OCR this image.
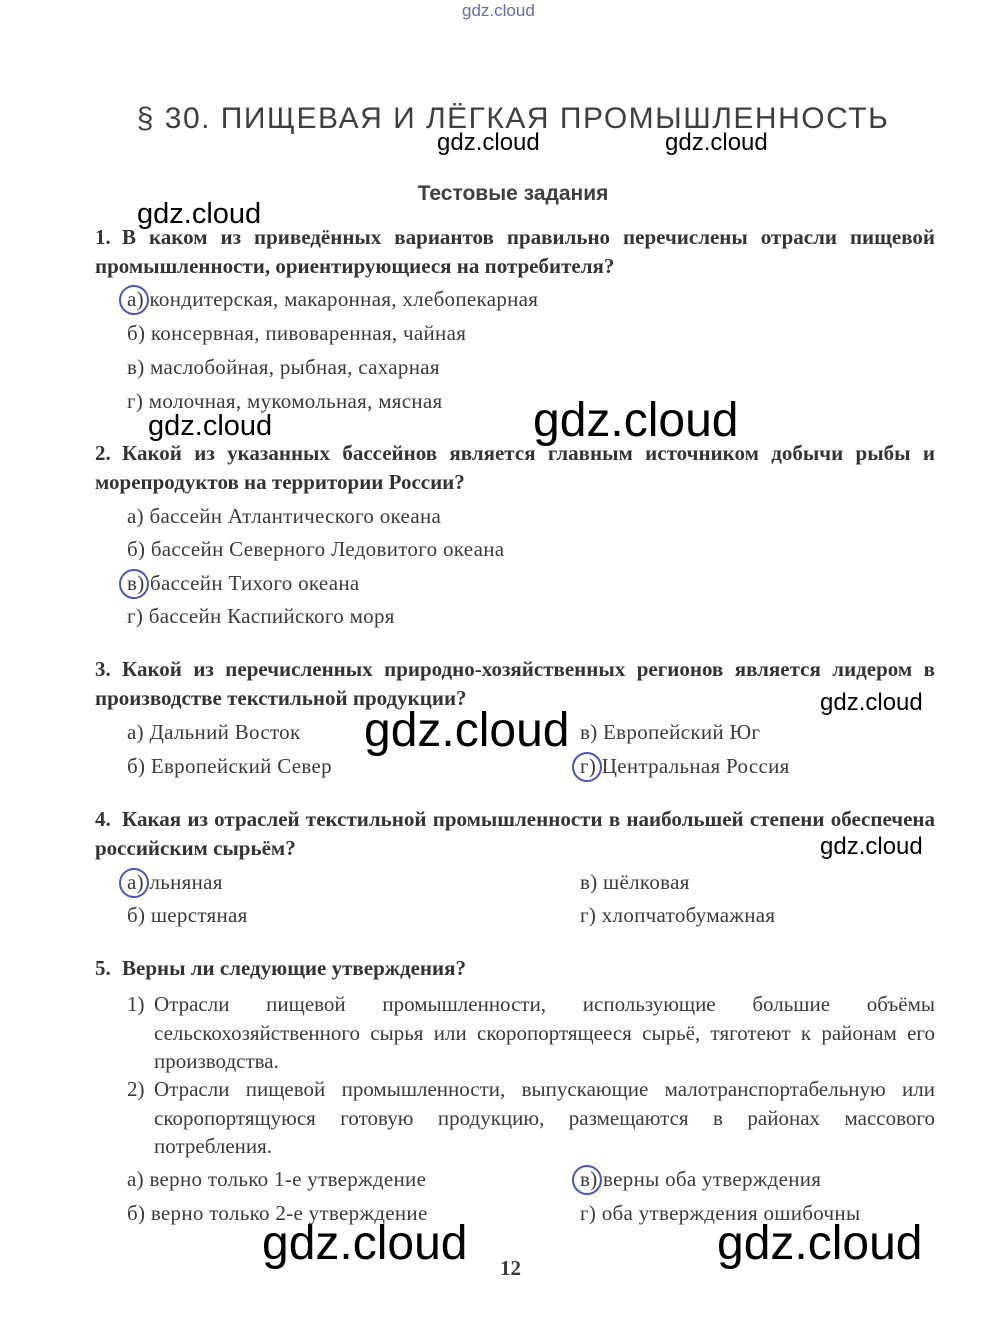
gdz.cloud
gdz.cloud	gdz.cloud
gdz.cloud
gdz.cloud	gdz.cloud
gdz.cloud
gdz.cloud
gdz.cloud
gdz.cloud	gdz.cloud
§ 30. ПИЩЕВАЯ И ЛЁГКАЯ ПРОМЫШЛЕННОСТЬ
Тестовые задания
1. В каком из приведённых вариантов правильно перечислены отрасли пищевой промышленности, ориентирующиеся на потребителя?
а) кондитерская, макаронная, хлебопекарная
б) консервная, пивоваренная, чайная
в) маслобойная, рыбная, сахарная
г) молочная, мукомольная, мясная
2. Какой из указанных бассейнов является главным источником добычи рыбы и морепродуктов на территории России?
а) бассейн Атлантического океана
б) бассейн Северного Ледовитого океана
в) бассейн Тихого океана
г) бассейн Каспийского моря
3. Какой из перечисленных природно-хозяйственных регионов является лидером в производстве текстильной продукции?
а) Дальний Восток
б) Европейский Север
в) Европейский Юг
г) Центральная Россия
4. Какая из отраслей текстильной промышленности в наибольшей степени обеспечена российским сырьём?
а) льняная
б) шерстяная
в) шёлковая
г) хлопчатобумажная
5. Верны ли следующие утверждения?
1) Отрасли пищевой промышленности, использующие большие объёмы сельскохозяйственного сырья или скоропортящееся сырьё, тяготеют к районам его производства.
2) Отрасли пищевой промышленности, выпускающие малотранспортабельную или скоропортящуюся готовую продукцию, размещаются в районах массового потребления.
а) верно только 1-е утверждение
б) верно только 2-е утверждение
в) верны оба утверждения
г) оба утверждения ошибочны
12
